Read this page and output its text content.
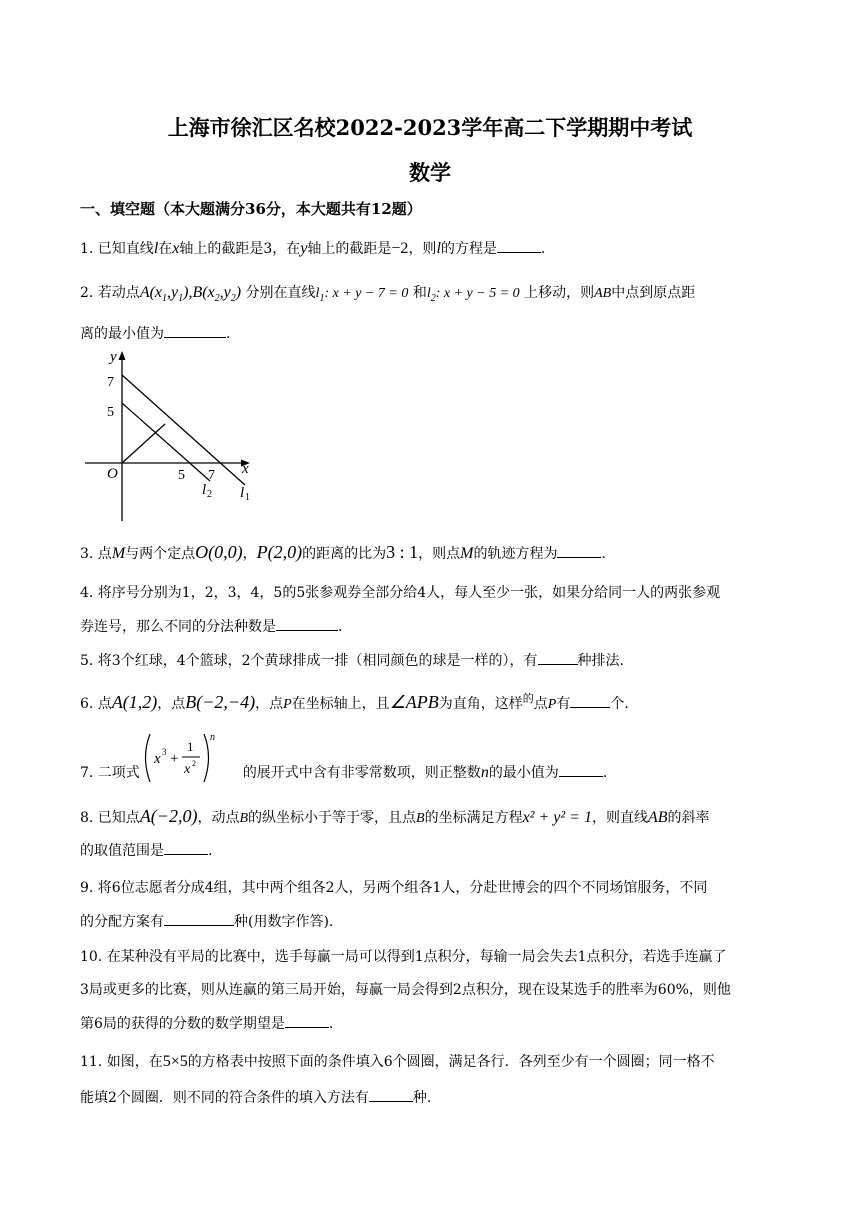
上海市徐汇区名校2022-2023学年高二下学期期中考试
数学
一、填空题（本大题满分36分，本大题共有12题）
1. 已知直线l在x轴上的截距是3，在y轴上的截距是−2，则l的方程是	.
2. 若动点$A(x_1,y_1),B(x_2,y_2)$ 分别在直线$l_1$: x + y − 7 = 0 和$l_2$: x + y − 5 = 0 上移动，则AB中点到原点距
离的最小值为	.
y
7
5
O	5 7 x
l 2 l 1
3. 点M与两个定点O(0,0)，P(2,0)的距离的比为3 : 1，则点M的轨迹方程为	.
4. 将序号分别为1，2，3，4，5的5张参观券全部分给4人，每人至少一张，如果分给同一人的两张参观
券连号，那么不同的分法种数是	.
5. 将3个红球，4个篮球，2个黄球排成一排（相同颜色的球是一样的），有	种排法.
6. 点A(1,2)，点B(−2,−4)，点P在坐标轴上，且∠APB为直角，这样$^的$点P有	个.
7. 二项式	的展开式中含有非零常数项，则正整数n的最小值为	.
x 3 +
1
x 2
n
8. 已知点A(−2,0)，动点B的纵坐标小于等于零，且点B的坐标满足方程x² + y² = 1，则直线AB的斜率
的取值范围是	.
9. 将6位志愿者分成4组，其中两个组各2人，另两个组各1人，分赴世博会的四个不同场馆服务，不同
的分配方案有	种(用数字作答).
10. 在某种没有平局的比赛中，选手每赢一局可以得到1点积分，每输一局会失去1点积分，若选手连赢了
3局或更多的比赛，则从连赢的第三局开始，每赢一局会得到2点积分，现在设某选手的胜率为60%，则他
第6局的获得的分数的数学期望是	.
11. 如图，在5×5的方格表中按照下面的条件填入6个圆圈，满足各行．各列至少有一个圆圈；同一格不
能填2个圆圈．则不同的符合条件的填入方法有	种.
